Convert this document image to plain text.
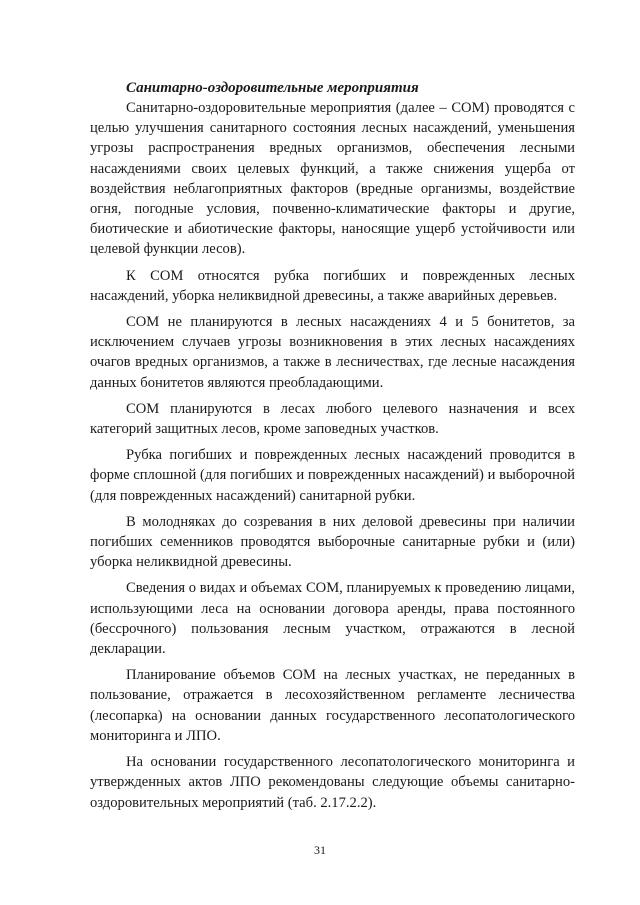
Санитарно-оздоровительные мероприятия

Санитарно-оздоровительные мероприятия (далее – СОМ) проводятся с целью улучшения санитарного состояния лесных насаждений, уменьшения угрозы распространения вредных организмов, обеспечения лесными насаждениями своих целевых функций, а также снижения ущерба от воздействия неблагоприятных факторов (вредные организмы, воздействие огня, погодные условия, почвенно-климатические факторы и другие, биотические и абиотические факторы, наносящие ущерб устойчивости или целевой функции лесов).

К СОМ относятся рубка погибших и поврежденных лесных насаждений, уборка неликвидной древесины, а также аварийных деревьев.

СОМ не планируются в лесных насаждениях 4 и 5 бонитетов, за исключением случаев угрозы возникновения в этих лесных насаждениях очагов вредных организмов, а также в лесничествах, где лесные насаждения данных бонитетов являются преобладающими.

СОМ планируются в лесах любого целевого назначения и всех категорий защитных лесов, кроме заповедных участков.

Рубка погибших и поврежденных лесных насаждений проводится в форме сплошной (для погибших и поврежденных насаждений) и выборочной (для поврежденных насаждений) санитарной рубки.

В молодняках до созревания в них деловой древесины при наличии погибших семенников проводятся выборочные санитарные рубки и (или) уборка неликвидной древесины.

Сведения о видах и объемах СОМ, планируемых к проведению лицами, использующими леса на основании договора аренды, права постоянного (бессрочного) пользования лесным участком, отражаются в лесной декларации.

Планирование объемов СОМ на лесных участках, не переданных в пользование, отражается в лесохозяйственном регламенте лесничества (лесопарка) на основании данных государственного лесопатологического мониторинга и ЛПО.

На основании государственного лесопатологического мониторинга и утвержденных актов ЛПО рекомендованы следующие объемы санитарно-оздоровительных мероприятий (таб. 2.17.2.2).

31
